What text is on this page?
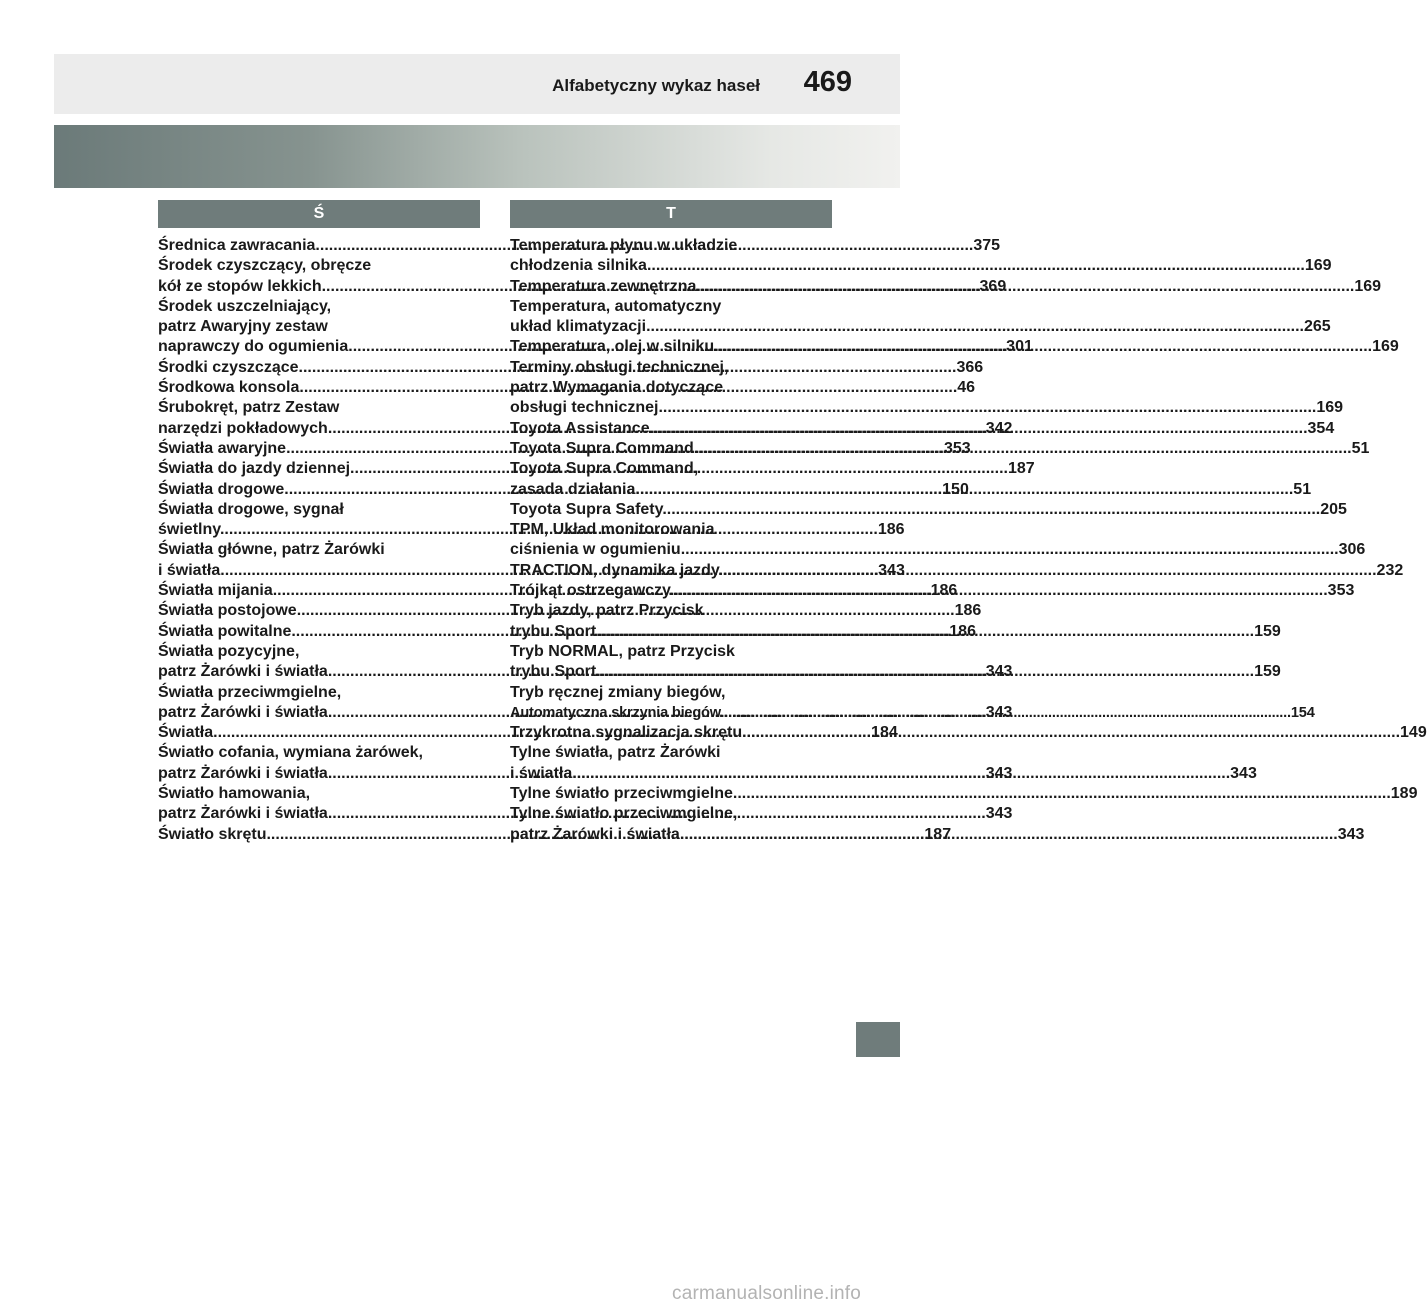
Alfabetyczny wykaz haseł 469
Ś
Średnica zawracania .....	375
Środek czyszczący, obręcze
kół ze stopów lekkich .....	369
Środek uszczelniający,
patrz Awaryjny zestaw
naprawczy do ogumienia .....	301
Środki czyszczące .....	366
Środkowa konsola .....	46
Śrubokręt, patrz Zestaw
narzędzi pokładowych .....	342
Światła awaryjne .....	353
Światła do jazdy dziennej .....	187
Światła drogowe .....	150
Światła drogowe, sygnał
świetlny .....	186
Światła główne, patrz Żarówki
i światła .....	343
Światła mijania .....	186
Światła postojowe .....	186
Światła powitalne .....	186
Światła pozycyjne,
patrz Żarówki i światła .....	343
Światła przeciwmgielne,
patrz Żarówki i światła .....	343
Światła .....	184
Światło cofania, wymiana żarówek,
patrz Żarówki i światła .....	343
Światło hamowania,
patrz Żarówki i światła .....	343
Światło skrętu .....	187
T
Temperatura płynu w układzie
chłodzenia silnika .....	169
Temperatura zewnętrzna .....	169
Temperatura, automatyczny
układ klimatyzacji .....	265
Temperatura, olej w silniku .....	169
Terminy obsługi technicznej,
patrz Wymagania dotyczące
obsługi technicznej .....	169
Toyota Assistance .....	354
Toyota Supra Command .....	51
Toyota Supra Command,
zasada działania .....	51
Toyota Supra Safety .....	205
TPM, Układ monitorowania
ciśnienia w ogumieniu .....	306
TRACTION, dynamika jazdy .....	232
Trójkąt ostrzegawczy .....	353
Tryb jazdy, patrz Przycisk
trybu Sport .....	159
Tryb NORMAL, patrz Przycisk
trybu Sport .....	159
Tryb ręcznej zmiany biegów,
Automatyczna skrzynia biegów .....	154
Trzykrotna sygnalizacja skrętu .....	149
Tylne światła, patrz Żarówki
i światła .....	343
Tylne światło przeciwmgielne .....	189
Tylne światło przeciwmgielne,
patrz Żarówki i światła .....	343
carmanualsonline.info
